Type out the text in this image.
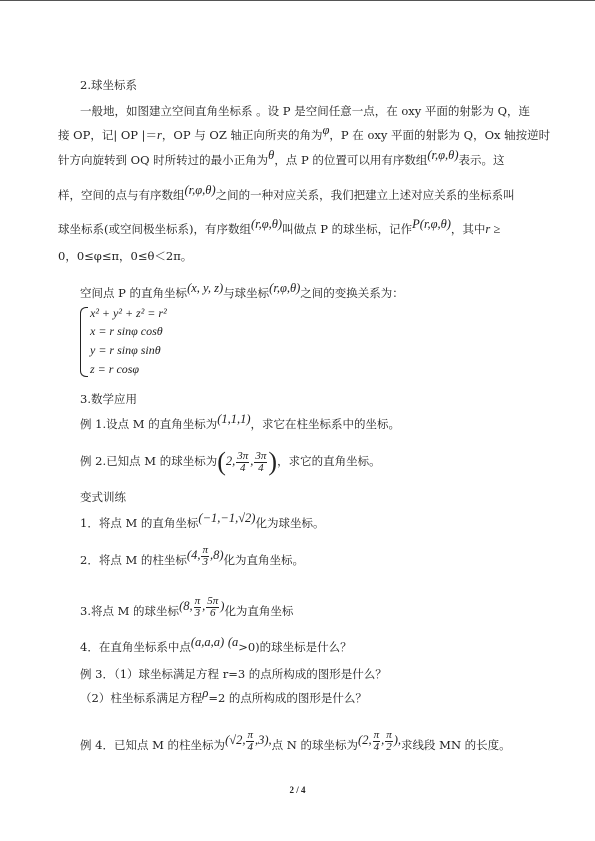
2.球坐标系
一般地，如图建立空间直角坐标系 。设 P 是空间任意一点，在 oxy 平面的射影为 Q，连
接 OP，记| OP |＝r，OP 与 OZ 轴正向所夹的角为φ，P 在 oxy 平面的射影为 Q，Ox 轴按逆时
针方向旋转到 OQ 时所转过的最小正角为θ，点 P 的位置可以用有序数组(r,φ,θ)表示。这
样，空间的点与有序数组(r,φ,θ)之间的一种对应关系，我们把建立上述对应关系的坐标系叫
球坐标系(或空间极坐标系)，有序数组(r,φ,θ)叫做点 P 的球坐标，记作P(r,φ,θ)，其中r ≥
0，0≤φ≤π，0≤θ＜2π。
空间点 P 的直角坐标(x, y, z)与球坐标(r,φ,θ)之间的变换关系为：
x² + y² + z² = r²
x = r sinφ cosθ
y = r sinφ sinθ
z = r cosφ
3.数学应用
例 1.设点 M 的直角坐标为(1,1,1)，求它在柱坐标系中的坐标。
例 2.已知点 M 的球坐标为(2, $\frac{3\pi}{4}$ , $\frac{3\pi}{4}$ )，求它的直角坐标。
变式训练
1．将点 M 的直角坐标(−1,−1,√2)化为球坐标。
2．将点 M 的柱坐标(4, $\frac{\pi}{3} ,8$)化为直角坐标。
3.将点 M 的球坐标(8, $\frac{\pi}{3}$ , $\frac{5\pi}{6}$ )化为直角坐标
4．在直角坐标系中点(a,a,a) (a>0)的球坐标是什么？
例 3．（1）球坐标满足方程 r=3 的点所构成的图形是什么？
（2）柱坐标系满足方程ρ=2 的点所构成的图形是什么？
例 4．已知点 M 的柱坐标为(√2, $\frac{\pi}{4} ,3$),点 N 的球坐标为(2, $\frac{\pi}{4}$ , $\frac{\pi}{2}$ ),求线段 MN 的长度。
2 / 4
